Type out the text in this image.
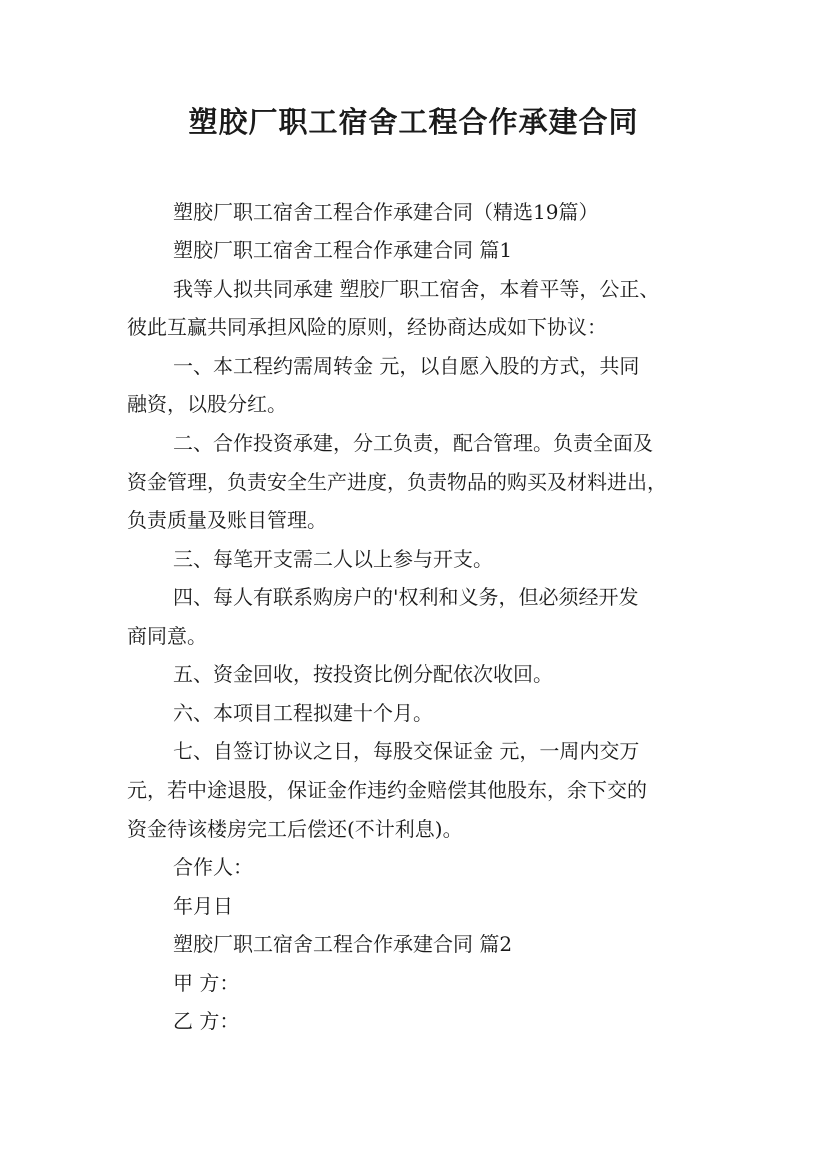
塑胶厂职工宿舍工程合作承建合同
塑胶厂职工宿舍工程合作承建合同（精选19篇）
塑胶厂职工宿舍工程合作承建合同 篇1
我等人拟共同承建 塑胶厂职工宿舍，本着平等，公正、
彼此互赢共同承担风险的原则，经协商达成如下协议：
一、本工程约需周转金 元，以自愿入股的方式，共同
融资，以股分红。
二、合作投资承建，分工负责，配合管理。负责全面及
资金管理，负责安全生产进度，负责物品的购买及材料进出，
负责质量及账目管理。
三、每笔开支需二人以上参与开支。
四、每人有联系购房户的'权利和义务，但必须经开发
商同意。
五、资金回收，按投资比例分配依次收回。
六、本项目工程拟建十个月。
七、自签订协议之日，每股交保证金 元，一周内交万
元，若中途退股，保证金作违约金赔偿其他股东，余下交的
资金待该楼房完工后偿还(不计利息)。
合作人：
年月日
塑胶厂职工宿舍工程合作承建合同 篇2
甲 方：
乙 方：
